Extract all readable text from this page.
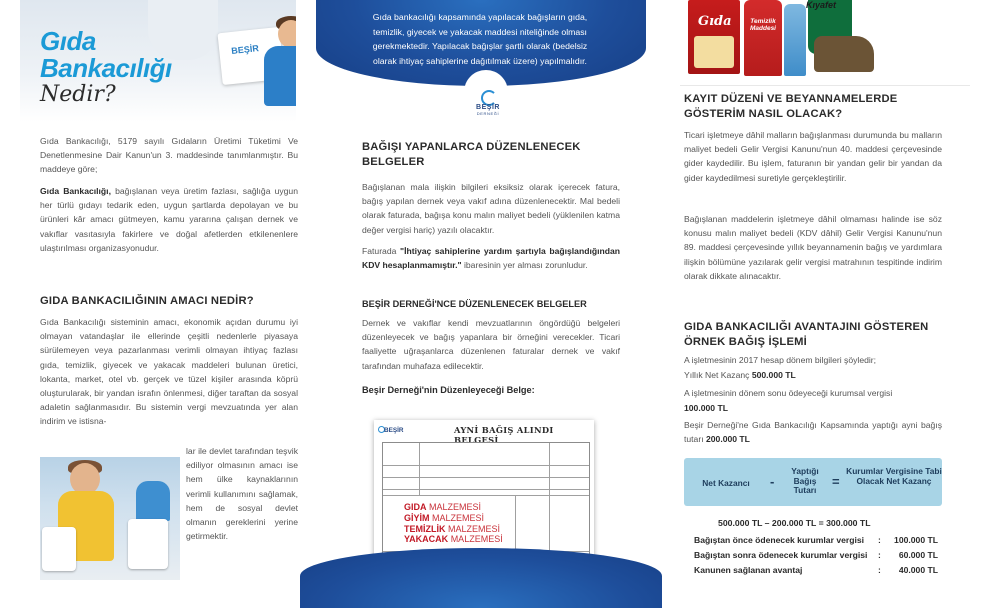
BEŞİR
Gıda
Bankacılığı
Nedir?

Gıda Bankacılığı, 5179 sayılı Gıdaların Üretimi Tüketimi Ve Denetlenmesine Dair Kanun'un 3. maddesinde tanımlanmıştır. Bu maddeye göre;

Gıda Bankacılığı, bağışlanan veya üretim fazlası, sağlığa uygun her türlü gıdayı tedarik eden, uygun şartlarda depolayan ve bu ürünleri kâr amacı gütmeyen, kamu yararına çalışan dernek ve vakıflar vasıtasıyla fakirlere ve doğal afetlerden etkilenenlere ulaştırılması organizasyonudur.

GIDA BANKACILIĞININ AMACI NEDİR?

Gıda Bankacılığı sisteminin amacı, ekonomik açıdan durumu iyi olmayan vatandaşlar ile ellerinde çeşitli nedenlerle piyasaya sürülemeyen veya pazarlanması verimli olmayan ihtiyaç fazlası gıda, temizlik, giyecek ve yakacak maddeleri bulunan üretici, lokanta, market, otel vb. gerçek ve tüzel kişiler arasında köprü oluşturularak, bir yandan israfın önlenmesi, diğer taraftan da sosyal adaletin sağlanmasıdır. Bu sistemin vergi mevzuatında yer alan indirim ve istisna-

lar ile devlet tarafından teşvik ediliyor olmasının amacı ise hem ülke kaynaklarının verimli kullanımını sağlamak, hem de sosyal devlet olmanın gereklerini yerine getirmektir.

Gıda bankacılığı kapsamında yapılacak bağışların gıda, temizlik, giyecek ve yakacak maddesi niteliğinde olması gerekmektedir. Yapılacak bağışlar şartlı olarak (bedelsiz olarak ihtiyaç sahiplerine dağıtılmak üzere) yapılmalıdır.

BEŞİR
DERNEĞİ
BAĞIŞI YAPANLARCA DÜZENLENECEK BELGELER

Bağışlanan mala ilişkin bilgileri eksiksiz olarak içerecek fatura, bağış yapılan dernek veya vakıf adına düzenlenecektir. Mal bedeli olarak faturada, bağışa konu malın maliyet bedeli (yüklenilen katma değer vergisi hariç) yazılı olacaktır.

Faturada "İhtiyaç sahiplerine yardım şartıyla bağışlandığından KDV hesaplanmamıştır." ibaresinin yer alması zorunludur.

BEŞİR DERNEĞİ'NCE DÜZENLENECEK BELGELER

Dernek ve vakıflar kendi mevzuatlarının öngördüğü belgeleri düzenleyecek ve bağış yapanlara bir örneğini verecekler. Ticari faaliyette uğraşanlarca düzenlenen faturalar dernek ve vakıf tarafından muhafaza edilecektir.

Beşir Derneği'nin Düzenleyeceği Belge:
BEŞİR	AYNİ BAĞIŞ ALINDI BELGESİ
GIDA MALZEMESİ
GİYİM MALZEMESİ
TEMİZLİK MALZEMESİ
YAKACAK MALZEMESİ
Gıda	Temizlik Maddesi
Kıyafet
KAYIT DÜZENİ VE BEYANNAMELERDE GÖSTERİM NASIL OLACAK?

Ticari işletmeye dâhil malların bağışlanması durumunda bu malların maliyet bedeli Gelir Vergisi Kanunu'nun 40. maddesi çerçevesinde gider kaydedilir. Bu işlem, faturanın bir yandan gelir bir yandan da gider kaydedilmesi suretiyle gerçekleştirilir.

Bağışlanan maddelerin işletmeye dâhil olmaması halinde ise söz konusu malın maliyet bedeli (KDV dâhil) Gelir Vergisi Kanunu'nun 89. maddesi çerçevesinde yıllık beyannamenin bağış ve yardımlara ilişkin bölümüne yazılarak gelir vergisi matrahının tespitinde indirim olarak dikkate alınacaktır.

GIDA BANKACILIĞI AVANTAJINI GÖSTEREN ÖRNEK BAĞIŞ İŞLEMİ

A işletmesinin 2017 hesap dönem bilgileri şöyledir;

Yıllık Net Kazanç 500.000 TL

A işletmesinin dönem sonu ödeyeceği kurumsal vergisi

100.000 TL

Beşir Derneği'ne Gıda Bankacılığı Kapsamında yaptığı ayni bağış tutarı 200.000 TL

Net Kazancı	-
Yaptığı Bağış Tutarı
=
Kurumlar Vergisine Tabi Olacak Net Kazanç
500.000 TL – 200.000 TL = 300.000 TL
Bağıştan önce ödenecek kurumlar vergisi : 100.000 TL
Bağıştan sonra ödenecek kurumlar vergisi : 60.000 TL
Kanunen sağlanan avantaj	: 40.000 TL
